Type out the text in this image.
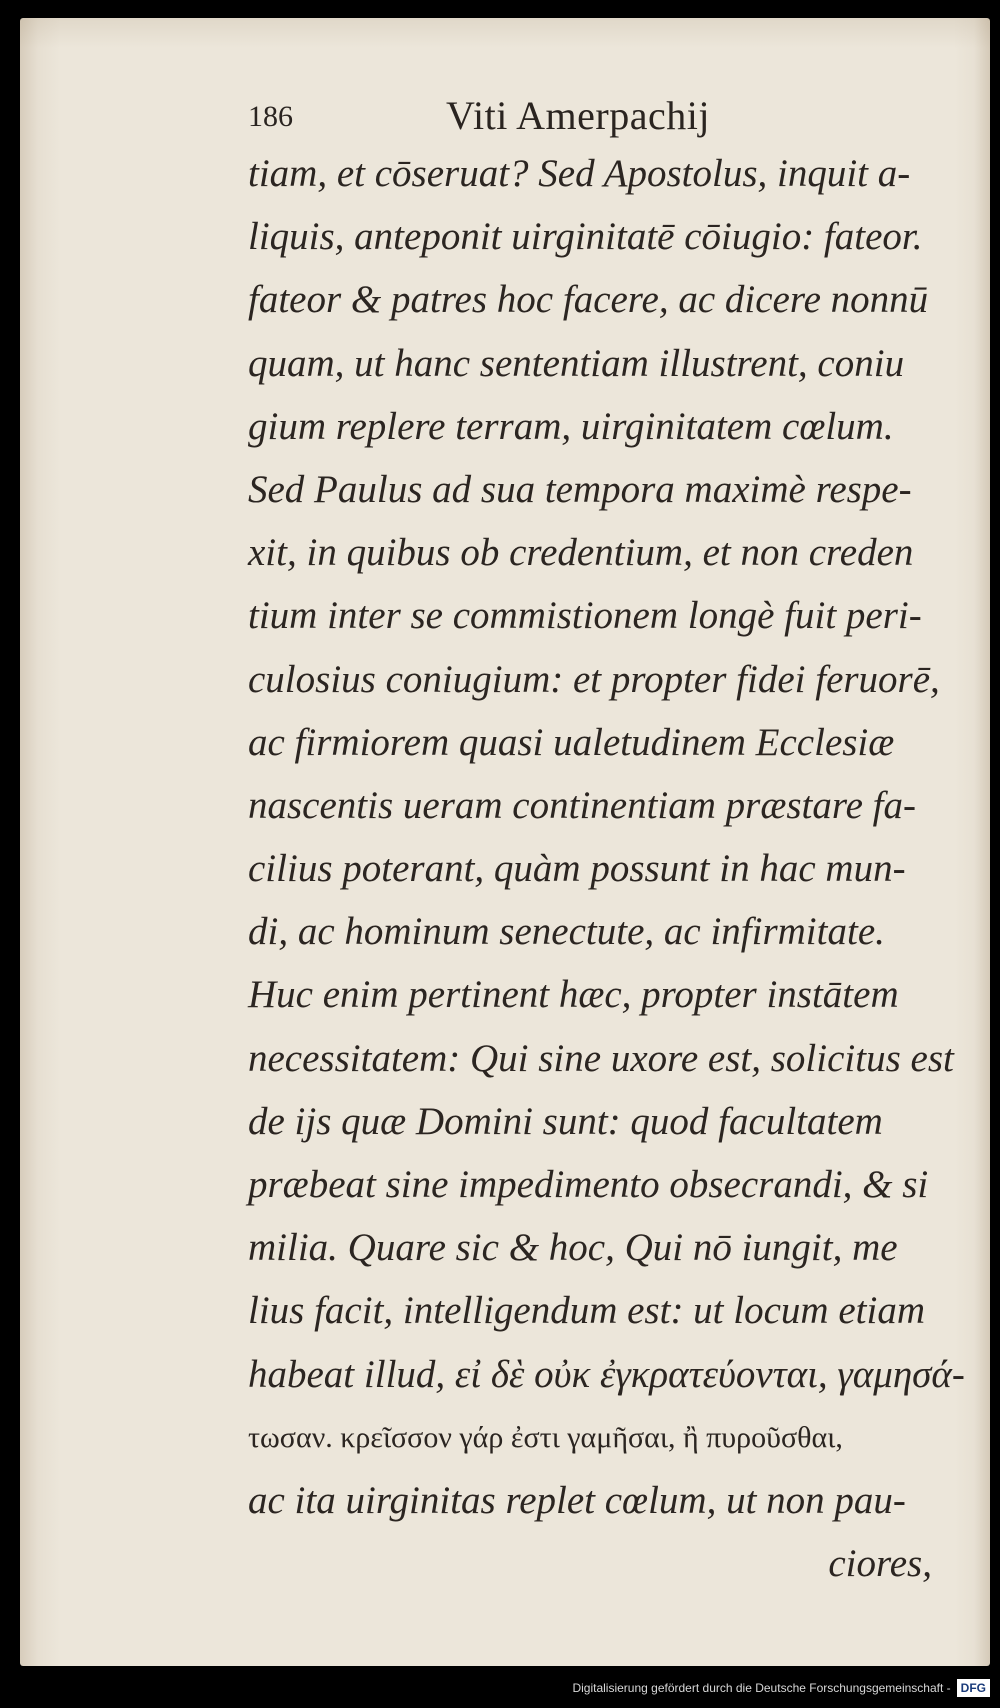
186	Viti Amerpachij
tiam, et cōseruat? Sed Apostolus, inquit a-
liquis, anteponit uirginitatē cōiugio: fateor.
fateor & patres hoc facere, ac dicere nonnū
quam, ut hanc sententiam illustrent, coniu
gium replere terram, uirginitatem cœlum.
Sed Paulus ad sua tempora maximè respe-
xit, in quibus ob credentium, et non creden
tium inter se commistionem longè fuit peri-
culosius coniugium: et propter fidei feruorē,
ac firmiorem quasi ualetudinem Ecclesiæ
nascentis ueram continentiam præstare fa-
cilius poterant, quàm possunt in hac mun-
di, ac hominum senectute, ac infirmitate.
Huc enim pertinent hæc, propter instātem
necessitatem: Qui sine uxore est, solicitus est
de ijs quæ Domini sunt: quod facultatem
præbeat sine impedimento obsecrandi, & si
milia. Quare sic & hoc, Qui nō iungit, me
lius facit, intelligendum est: ut locum etiam
habeat illud, εἰ δὲ οὐκ ἐγκρατεύονται, γαμησά-
τωσαν. κρεῖσσον γάρ ἐστι γαμῆσαι, ἢ πυροῦσθαι,
ac ita uirginitas replet cœlum, ut non pau-
ciores,
Digitalisierung gefördert durch die Deutsche Forschungsgemeinschaft - DFG
